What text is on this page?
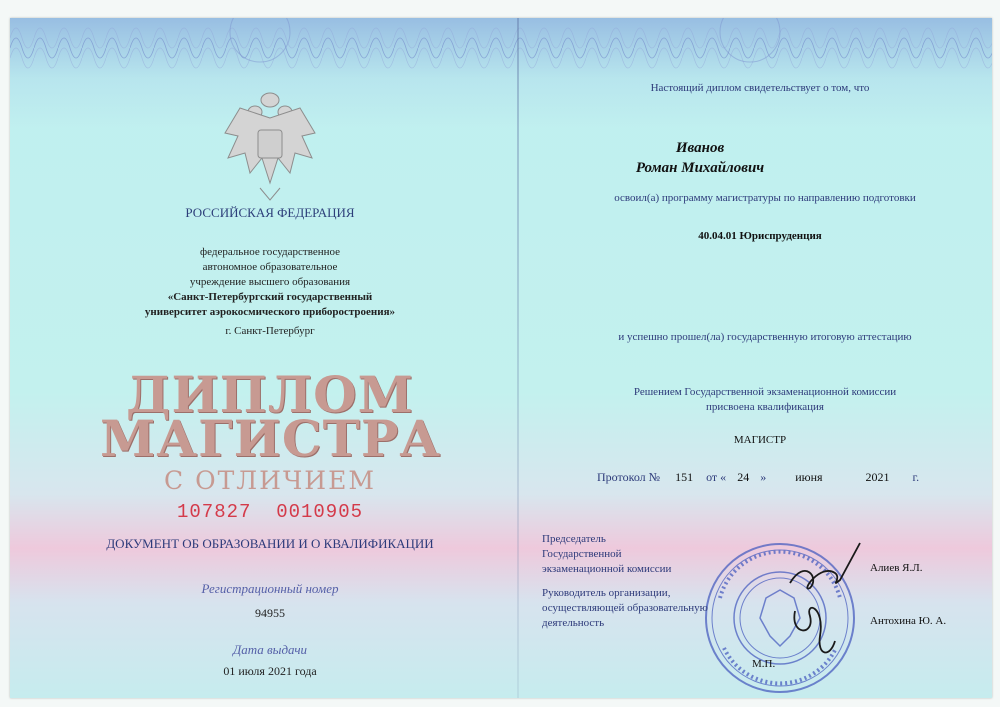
РОССИЙСКАЯ ФЕДЕРАЦИЯ
федеральное государственное
автономное образовательное
учреждение высшего образования
«Санкт-Петербургский государственный
университет аэрокосмического приборостроения»
г. Санкт-Петербург
ДИПЛОМ
МАГИСТРА
С ОТЛИЧИЕМ
107827  0010905
ДОКУМЕНТ ОБ ОБРАЗОВАНИИ И О КВАЛИФИКАЦИИ
Регистрационный номер
94955
Дата выдачи
01 июля 2021 года
Настоящий диплом свидетельствует о том, что
Иванов
Роман Михайлович
освоил(а) программу магистратуры по направлению подготовки
40.04.01 Юриспруденция
и успешно прошел(ла) государственную итоговую аттестацию
Решением Государственной экзаменационной комиссии
присвоена квалификация
МАГИСТР
Протокол № 151 от « 24 » июня	2021 г.
Председатель
Государственной
экзаменационной комиссии	Алиев Я.Л.
Руководитель организации,
осуществляющей образовательную
деятельность	Антохина Ю. А.
М.П.
